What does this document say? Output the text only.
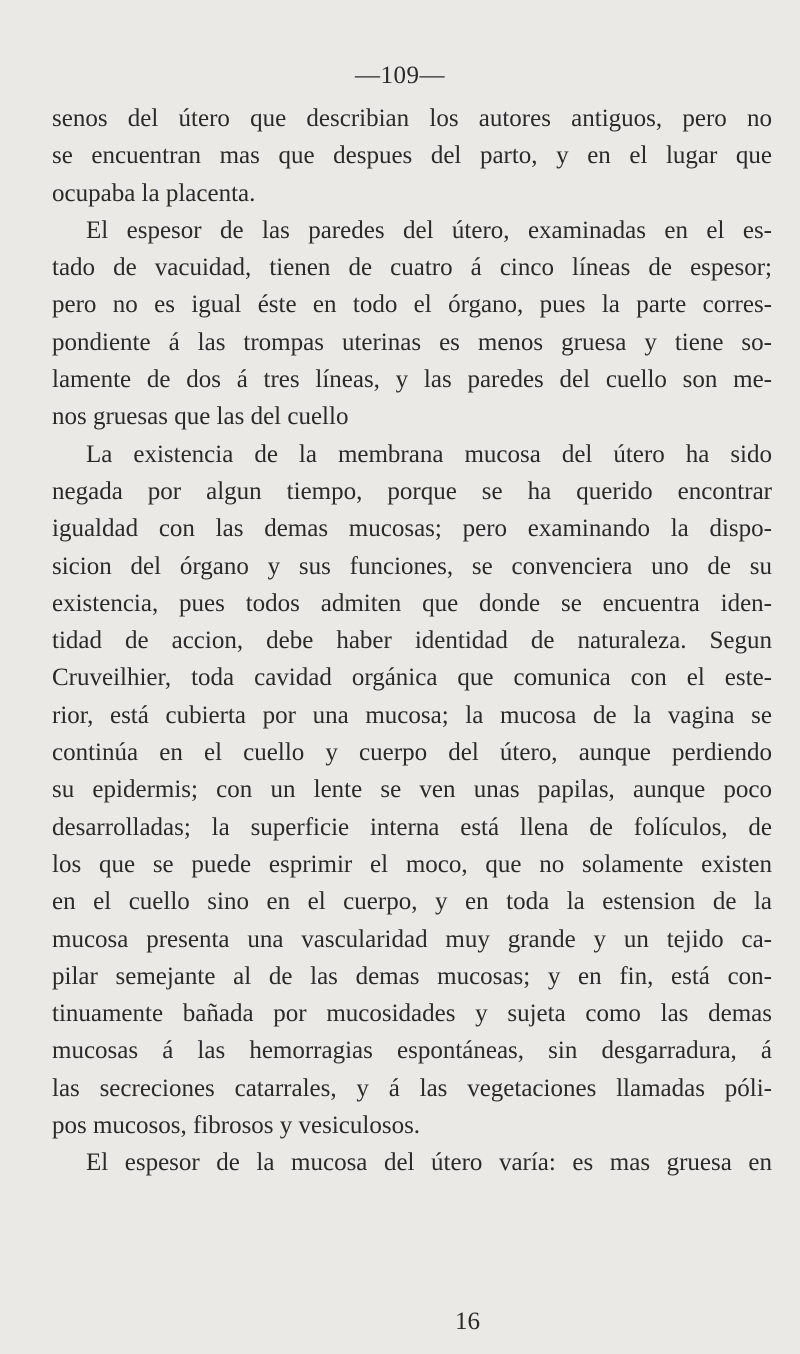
—109—
senos del útero que describian los autores antiguos, pero no
se encuentran mas que despues del parto, y en el lugar que
ocupaba la placenta.
El espesor de las paredes del útero, examinadas en el es-
tado de vacuidad, tienen de cuatro á cinco líneas de espesor;
pero no es igual éste en todo el órgano, pues la parte corres-
pondiente á las trompas uterinas es menos gruesa y tiene so-
lamente de dos á tres líneas, y las paredes del cuello son me-
nos gruesas que las del cuello
La existencia de la membrana mucosa del útero ha sido
negada por algun tiempo, porque se ha querido encontrar
igualdad con las demas mucosas; pero examinando la dispo-
sicion del órgano y sus funciones, se convenciera uno de su
existencia, pues todos admiten que donde se encuentra iden-
tidad de accion, debe haber identidad de naturaleza. Segun
Cruveilhier, toda cavidad orgánica que comunica con el este-
rior, está cubierta por una mucosa; la mucosa de la vagina se
continúa en el cuello y cuerpo del útero, aunque perdiendo
su epidermis; con un lente se ven unas papilas, aunque poco
desarrolladas; la superficie interna está llena de folículos, de
los que se puede esprimir el moco, que no solamente existen
en el cuello sino en el cuerpo, y en toda la estension de la
mucosa presenta una vascularidad muy grande y un tejido ca-
pilar semejante al de las demas mucosas; y en fin, está con-
tinuamente bañada por mucosidades y sujeta como las demas
mucosas á las hemorragias espontáneas, sin desgarradura, á
las secreciones catarrales, y á las vegetaciones llamadas póli-
pos mucosos, fibrosos y vesiculosos.
El espesor de la mucosa del útero varía: es mas gruesa en
16
